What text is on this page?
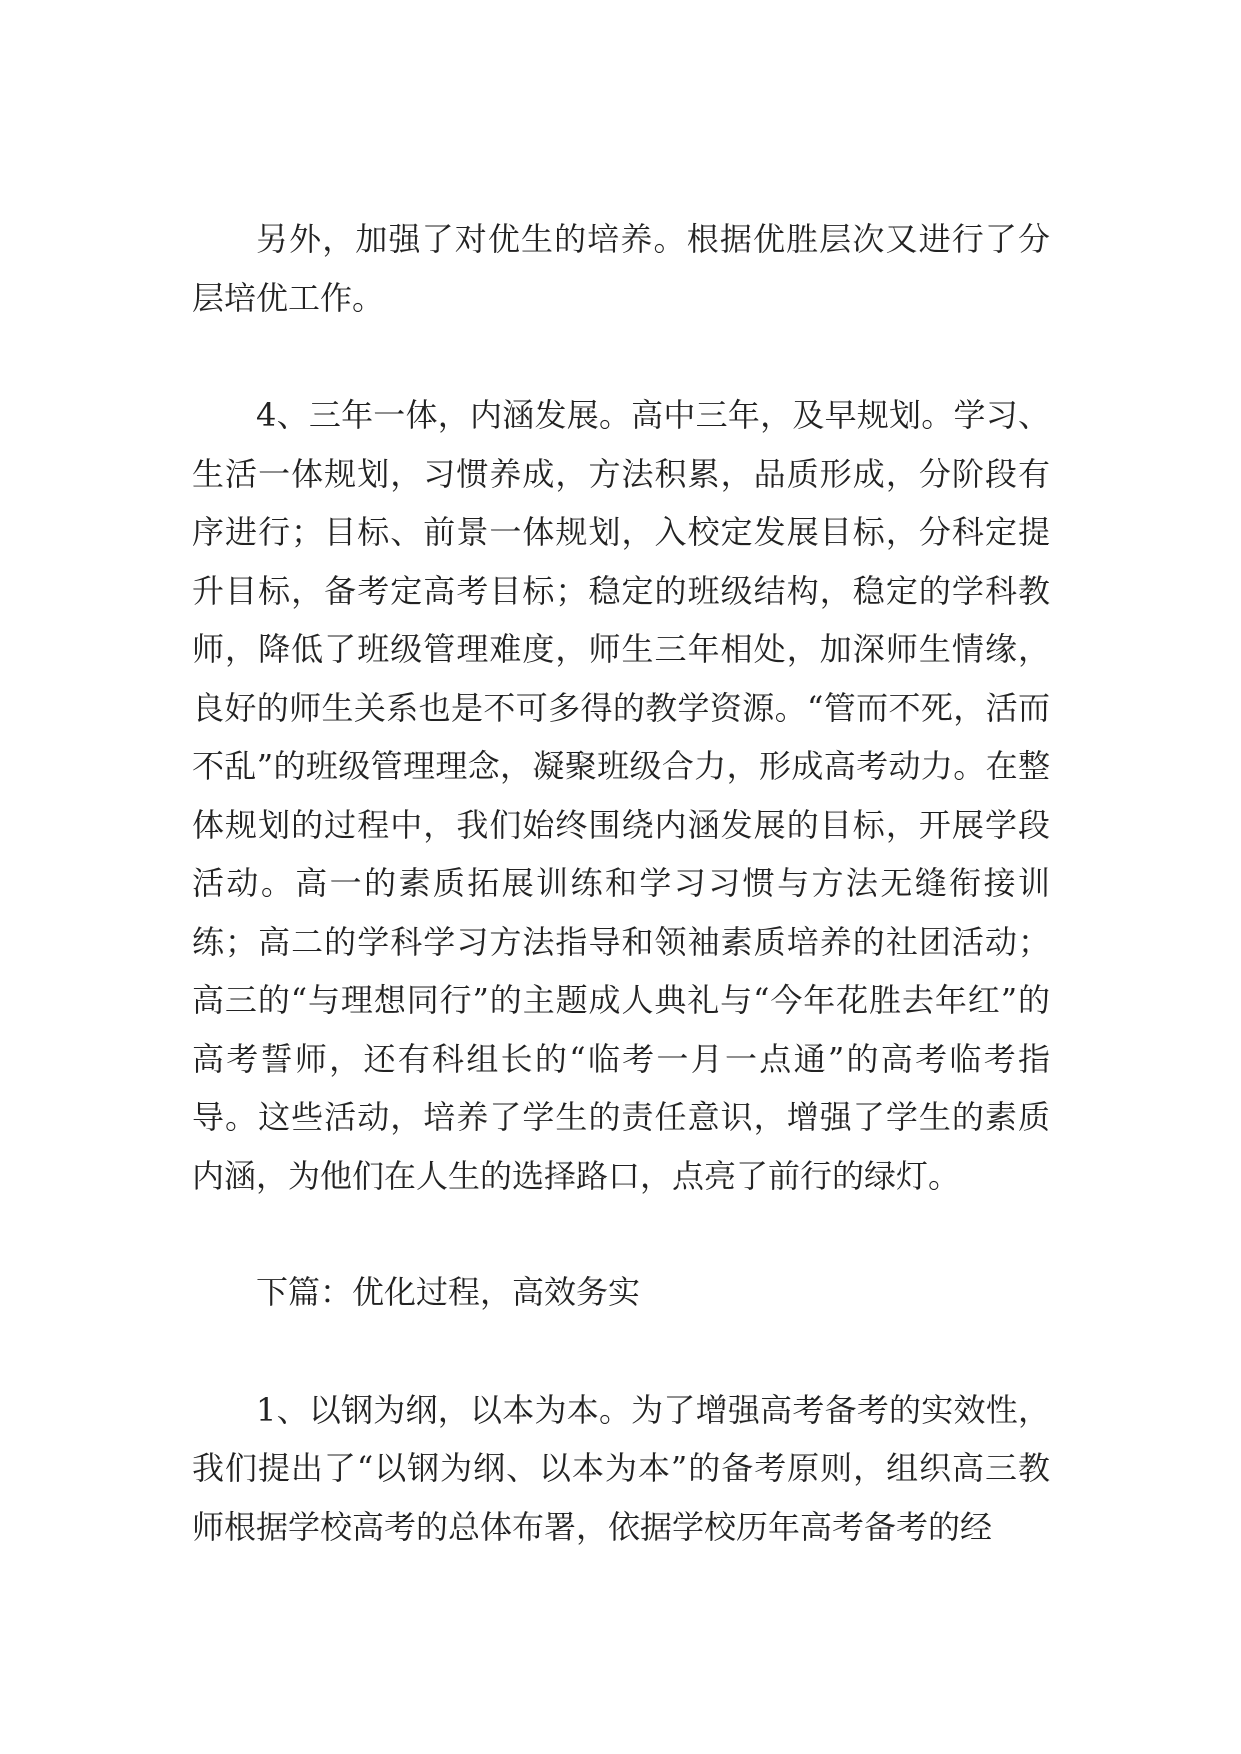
另外，加强了对优生的培养。根据优胜层次又进行了分层培优工作。

4、三年一体，内涵发展。高中三年，及早规划。学习、生活一体规划，习惯养成，方法积累，品质形成，分阶段有序进行；目标、前景一体规划，入校定发展目标，分科定提升目标，备考定高考目标；稳定的班级结构，稳定的学科教师，降低了班级管理难度，师生三年相处，加深师生情缘，良好的师生关系也是不可多得的教学资源。“管而不死，活而不乱”的班级管理理念，凝聚班级合力，形成高考动力。在整体规划的过程中，我们始终围绕内涵发展的目标，开展学段活动。高一的素质拓展训练和学习习惯与方法无缝衔接训练；高二的学科学习方法指导和领袖素质培养的社团活动；高三的“与理想同行”的主题成人典礼与“今年花胜去年红”的高考誓师，还有科组长的“临考一月一点通”的高考临考指导。这些活动，培养了学生的责任意识，增强了学生的素质内涵，为他们在人生的选择路口，点亮了前行的绿灯。

下篇：优化过程，高效务实

1、以钢为纲，以本为本。为了增强高考备考的实效性，我们提出了“以钢为纲、以本为本”的备考原则，组织高三教师根据学校高考的总体布署，依据学校历年高考备考的经
